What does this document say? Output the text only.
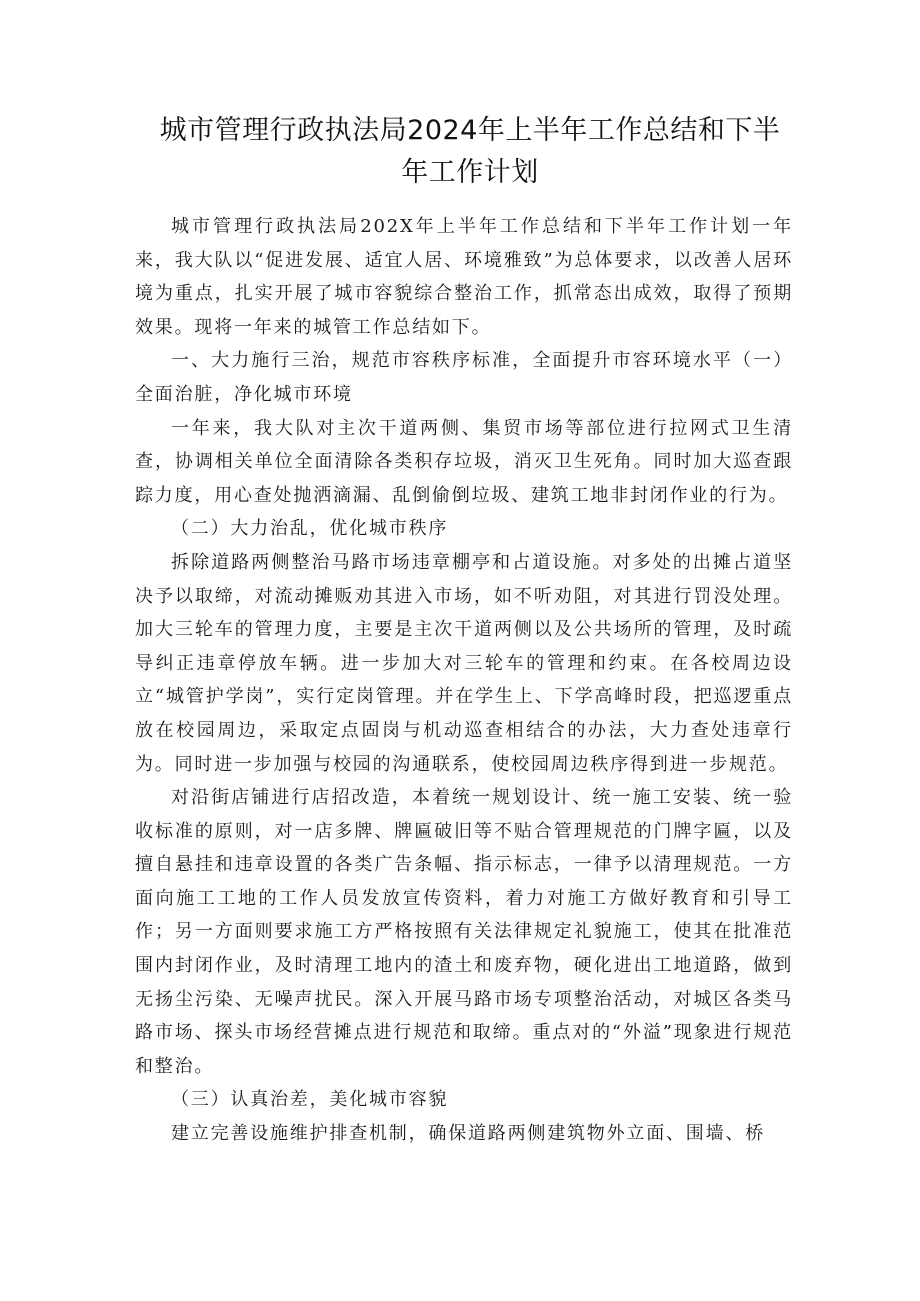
城市管理行政执法局2024年上半年工作总结和下半年工作计划

城市管理行政执法局202X年上半年工作总结和下半年工作计划一年来，我大队以“促进发展、适宜人居、环境雅致”为总体要求，以改善人居环境为重点，扎实开展了城市容貌综合整治工作，抓常态出成效，取得了预期效果。现将一年来的城管工作总结如下。

一、大力施行三治，规范市容秩序标准，全面提升市容环境水平（一）全面治脏，净化城市环境

一年来，我大队对主次干道两侧、集贸市场等部位进行拉网式卫生清查，协调相关单位全面清除各类积存垃圾，消灭卫生死角。同时加大巡查跟踪力度，用心查处抛洒滴漏、乱倒偷倒垃圾、建筑工地非封闭作业的行为。

（二）大力治乱，优化城市秩序

拆除道路两侧整治马路市场违章棚亭和占道设施。对多处的出摊占道坚决予以取缔，对流动摊贩劝其进入市场，如不听劝阻，对其进行罚没处理。加大三轮车的管理力度，主要是主次干道两侧以及公共场所的管理，及时疏导纠正违章停放车辆。进一步加大对三轮车的管理和约束。在各校周边设立“城管护学岗”，实行定岗管理。并在学生上、下学高峰时段，把巡逻重点放在校园周边，采取定点固岗与机动巡查相结合的办法，大力查处违章行为。同时进一步加强与校园的沟通联系，使校园周边秩序得到进一步规范。

对沿街店铺进行店招改造，本着统一规划设计、统一施工安装、统一验收标准的原则，对一店多牌、牌匾破旧等不贴合管理规范的门牌字匾，以及擅自悬挂和违章设置的各类广告条幅、指示标志，一律予以清理规范。一方面向施工工地的工作人员发放宣传资料，着力对施工方做好教育和引导工作；另一方面则要求施工方严格按照有关法律规定礼貌施工，使其在批准范围内封闭作业，及时清理工地内的渣土和废弃物，硬化进出工地道路，做到无扬尘污染、无噪声扰民。深入开展马路市场专项整治活动，对城区各类马路市场、探头市场经营摊点进行规范和取缔。重点对的“外溢”现象进行规范和整治。

（三）认真治差，美化城市容貌

建立完善设施维护排查机制，确保道路两侧建筑物外立面、围墙、桥
